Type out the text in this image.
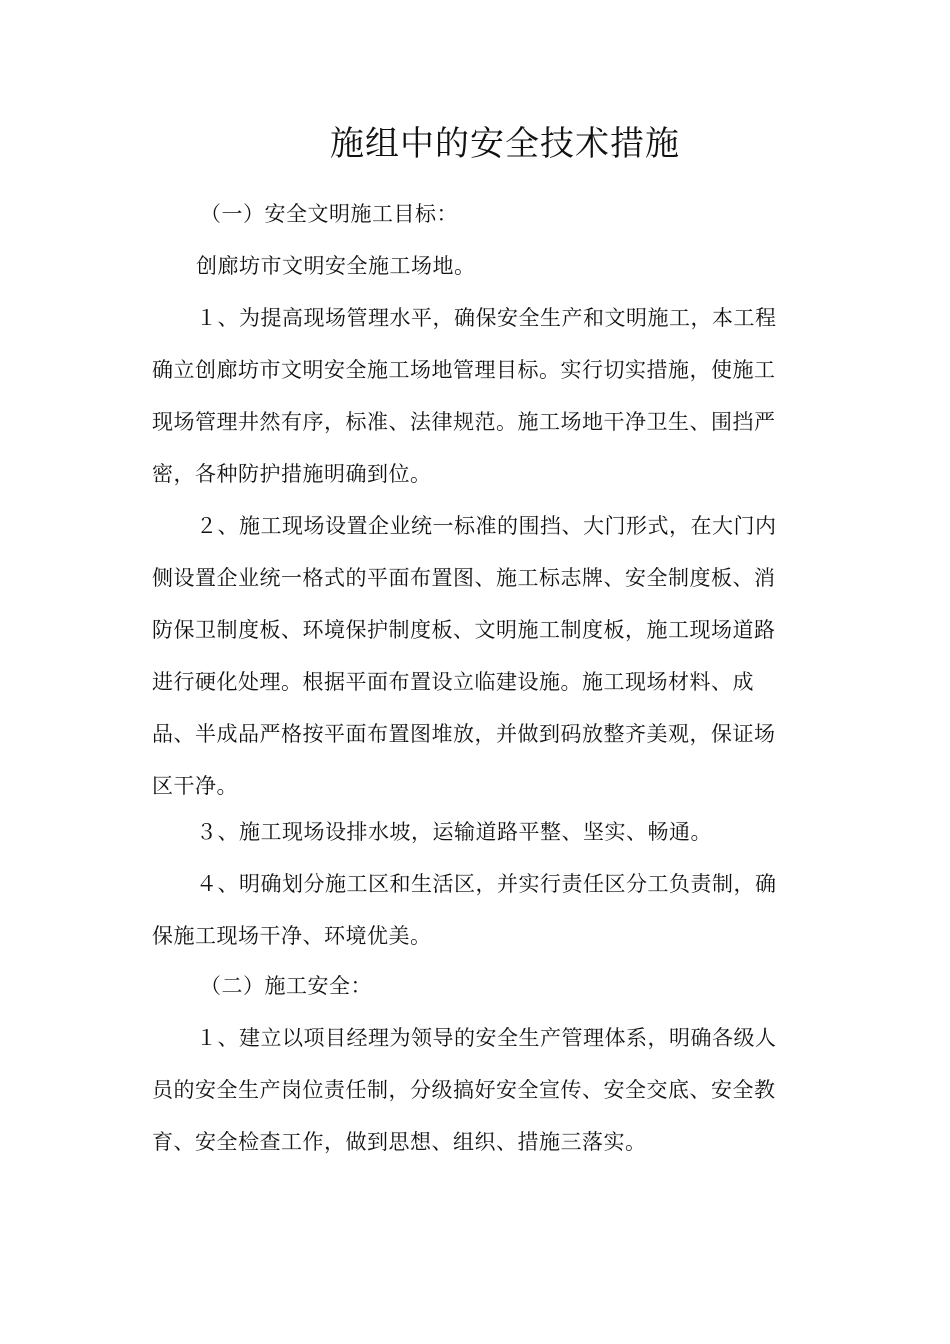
施组中的安全技术措施
（一）安全文明施工目标：
创廊坊市文明安全施工场地。
１、为提高现场管理水平，确保安全生产和文明施工，本工程
确立创廊坊市文明安全施工场地管理目标。实行切实措施，使施工
现场管理井然有序，标准、法律规范。施工场地干净卫生、围挡严
密，各种防护措施明确到位。
２、施工现场设置企业统一标准的围挡、大门形式，在大门内
侧设置企业统一格式的平面布置图、施工标志牌、安全制度板、消
防保卫制度板、环境保护制度板、文明施工制度板，施工现场道路
进行硬化处理。根据平面布置设立临建设施。施工现场材料、成
品、半成品严格按平面布置图堆放，并做到码放整齐美观，保证场
区干净。
３、施工现场设排水坡，运输道路平整、坚实、畅通。
４、明确划分施工区和生活区，并实行责任区分工负责制，确
保施工现场干净、环境优美。
（二）施工安全：
１、建立以项目经理为领导的安全生产管理体系，明确各级人
员的安全生产岗位责任制，分级搞好安全宣传、安全交底、安全教
育、安全检查工作，做到思想、组织、措施三落实。
